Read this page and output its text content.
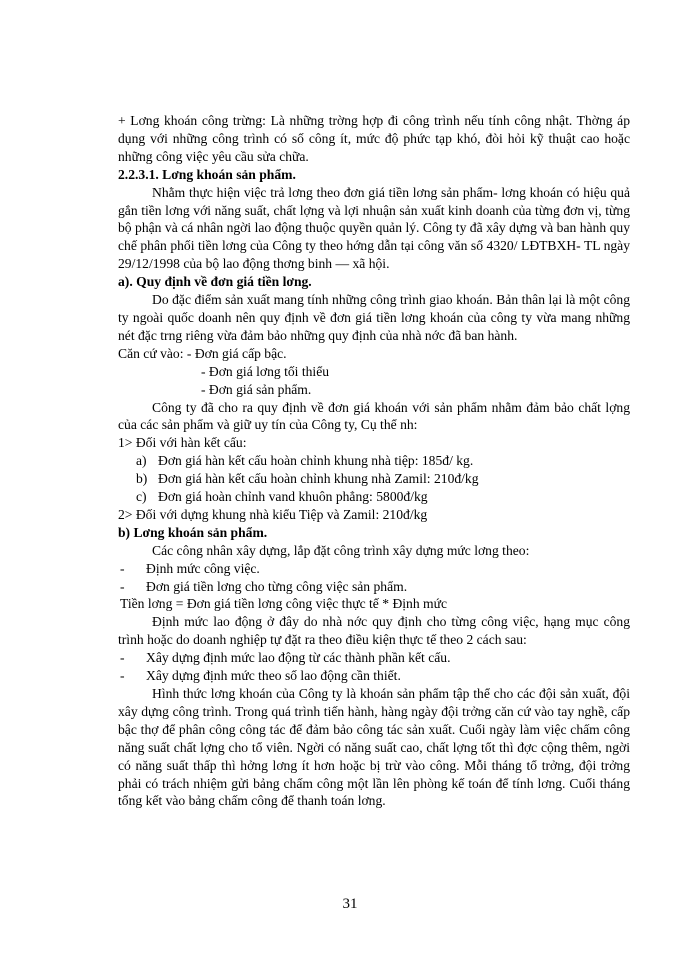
+ Lơng khoán công trừng: Là những trờng hợp đi công trình nếu tính công nhật. Thờng áp dụng với những công trình có số công ít, mức độ phức tạp khó, đòi hỏi kỹ thuật cao hoặc những công việc yêu cầu sửa chữa.

2.2.3.1. Lơng khoán sản phẩm.

Nhằm thực hiện việc trả lơng theo đơn giá tiền lơng sản phẩm- lơng khoán có hiệu quả gắn tiền lơng với năng suất, chất lợng và lợi nhuận sản xuất kinh doanh của từng đơn vị, từng bộ phận và cá nhân ngời lao động thuộc quyền quản lý. Công ty đã xây dựng và ban hành quy chế phân phối tiền lơng của Công ty theo hớng dẫn tại công văn số 4320/ LĐTBXH- TL ngày 29/12/1998 của bộ lao động thơng binh — xã hội.

a). Quy định về đơn giá tiền lơng.

Do đặc điểm sản xuất mang tính những công trình giao khoán. Bản thân lại là một công ty ngoài quốc doanh nên quy định về đơn giá tiền lơng khoán của công ty vừa mang những nét đặc trng riêng vừa đảm bảo những quy định của nhà nớc đã ban hành.

Căn cứ vào: - Đơn giá cấp bậc.

- Đơn giá lơng tối thiểu

- Đơn giá sản phẩm.

Công ty đã cho ra quy định về đơn giá khoán với sản phẩm nhằm đảm bảo chất lợng của các sản phẩm và giữ uy tín của Công ty, Cụ thể nh:

1> Đối với hàn kết cấu:

a) Đơn giá hàn kết cấu hoàn chỉnh khung nhà tiệp: 185đ/ kg.
b) Đơn giá hàn kết cấu hoàn chỉnh khung nhà Zamil: 210đ/kg
c) Đơn giá hoàn chỉnh vand khuôn phẳng: 5800đ/kg

2> Đối với dựng khung nhà kiểu Tiệp và Zamil: 210đ/kg

b) Lơng khoán sản phẩm.

Các công nhân xây dựng, lắp đặt công trình xây dựng mức lơng theo:

-	Định mức công việc.
-	Đơn giá tiền lơng cho từng công việc sản phẩm.

Tiền lơng = Đơn giá tiền lơng công việc thực tế * Định mức

Định mức lao động ở đây do nhà nớc quy định cho từng công việc, hạng mục công trình hoặc do doanh nghiệp tự đặt ra theo điều kiện thực tế theo 2 cách sau:

-	Xây dựng định mức lao động từ các thành phần kết cấu.
-	Xây dựng định mức theo số lao động cần thiết.

Hình thức lơng khoán của Công ty là khoán sản phẩm tập thể cho các đội sản xuất, đội xây dựng công trình. Trong quá trình tiến hành, hàng ngày đội trởng căn cứ vào tay nghề, cấp bậc thợ để phân công công tác để đảm bảo công tác sản xuất. Cuối ngày làm việc chấm công năng suất chất lợng cho tổ viên. Ngời có năng suất cao, chất lợng tốt thì đợc cộng thêm, ngời có năng suất thấp thì hởng lơng ít hơn hoặc bị trừ vào công. Mỗi tháng tổ trởng, đội trởng phải có trách nhiệm gửi bảng chấm công một lần lên phòng kế toán để tính lơng. Cuối tháng tổng kết vào bảng chấm công để thanh toán lơng.

31
